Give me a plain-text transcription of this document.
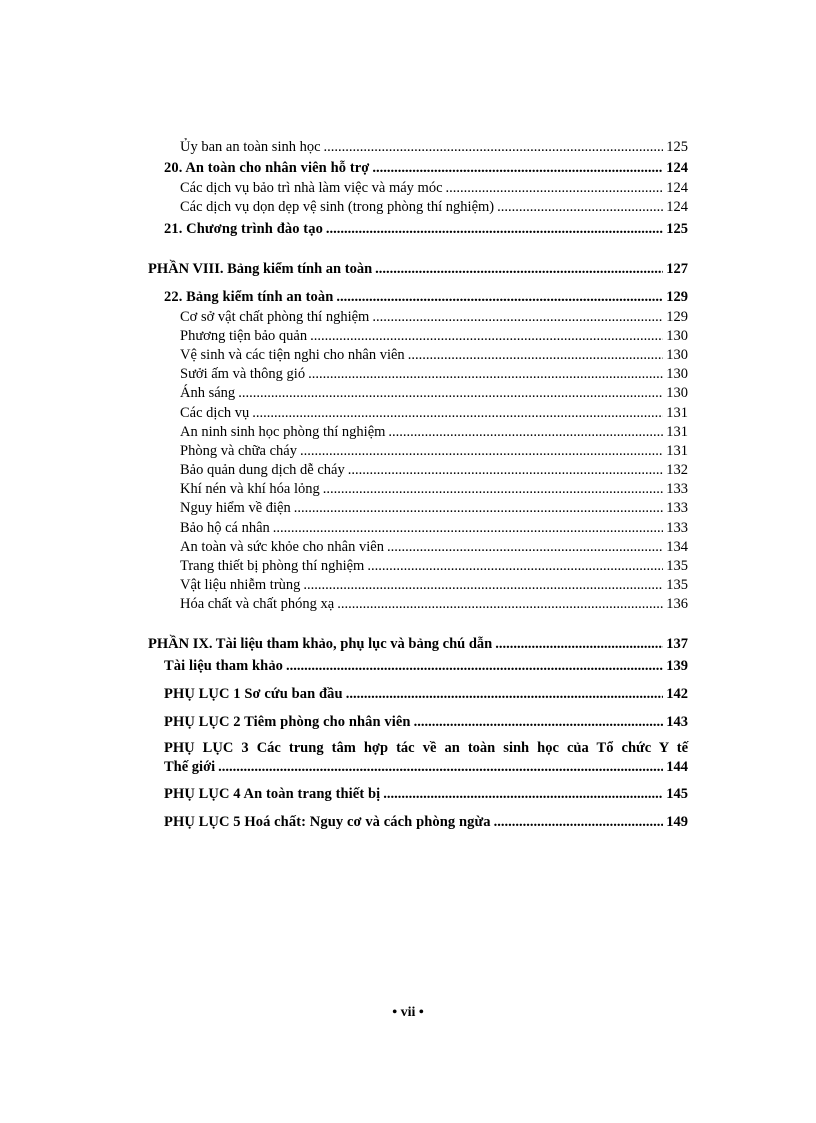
Ủy ban an toàn sinh học .....	125
20. An toàn cho nhân viên hỗ trợ .....	124
Các dịch vụ bảo trì nhà làm việc và máy móc .....	124
Các dịch vụ dọn dẹp vệ sinh (trong phòng thí nghiệm) .....	124
21. Chương trình đào tạo .....	125
PHẦN VIII. Bảng kiểm tính an toàn .....	127
22. Bảng kiểm tính an toàn .....	129
Cơ sở vật chất phòng thí nghiệm .....	129
Phương tiện bảo quản .....	130
Vệ sinh và các tiện nghi cho nhân viên .....	130
Sưởi ấm và thông gió .....	130
Ánh sáng .....	130
Các dịch vụ .....	131
An ninh sinh học phòng thí nghiệm .....	131
Phòng và chữa cháy .....	131
Bảo quản dung dịch dễ cháy .....	132
Khí nén và khí hóa lỏng .....	133
Nguy hiểm về điện .....	133
Bảo hộ cá nhân .....	133
An toàn và sức khỏe cho nhân viên .....	134
Trang thiết bị phòng thí nghiệm .....	135
Vật liệu nhiễm trùng .....	135
Hóa chất và chất phóng xạ .....	136
PHẦN IX. Tài liệu tham khảo, phụ lục và bảng chú dẫn .....	137
Tài liệu tham khảo .....	139
PHỤ LỤC 1 Sơ cứu ban đầu .....	142
PHỤ LỤC 2 Tiêm phòng cho nhân viên .....	143
PHỤ LỤC 3 Các trung tâm hợp tác về an toàn sinh học của Tổ chức Y tế
Thế giới .....	144
PHỤ LỤC 4 An toàn trang thiết bị .....	145
PHỤ LỤC 5 Hoá chất: Nguy cơ và cách phòng ngừa .....	149
• vii •
